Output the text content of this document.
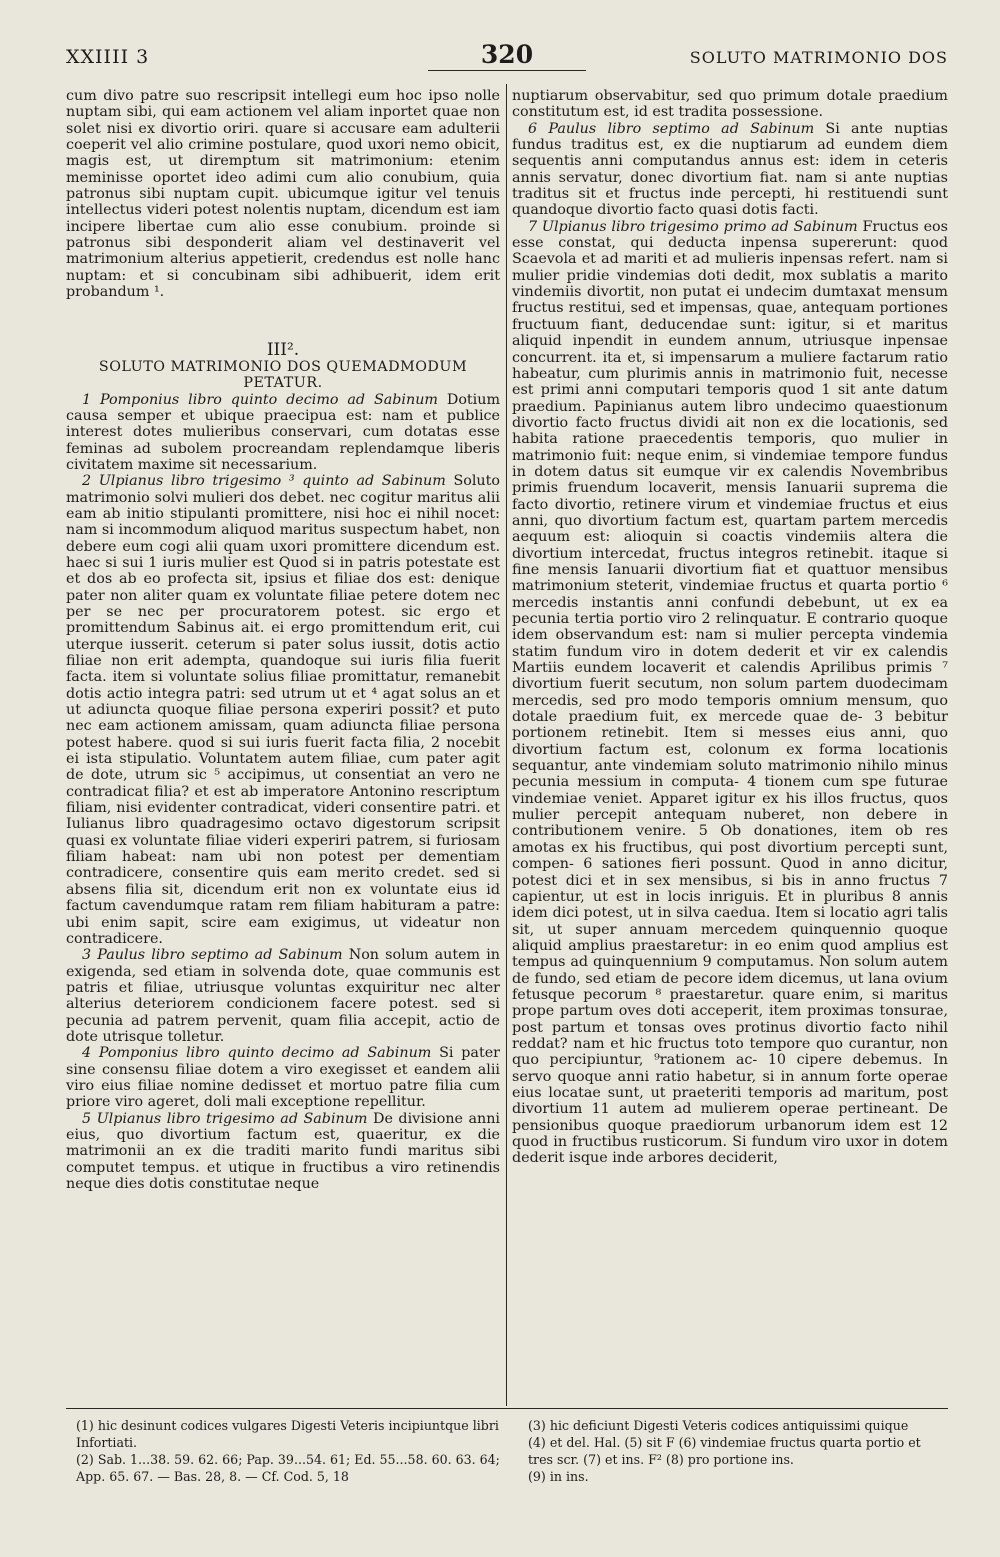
XXIIII 3	320	SOLUTO MATRIMONIO DOS

cum divo patre suo rescripsit intellegi eum hoc ipso nolle nuptam sibi, qui eam actionem vel aliam inportet quae non solet nisi ex divortio oriri. quare si accusare eam adulterii coeperit vel alio crimine postulare, quod uxori nemo obicit, magis est, ut diremptum sit matrimonium: etenim meminisse oportet ideo adimi cum alio conubium, quia patronus sibi nuptam cupit. ubicumque igitur vel tenuis intellectus videri potest nolentis nuptam, dicendum est iam incipere libertae cum alio esse conubium. proinde si patronus sibi desponderit aliam vel destinaverit vel matrimonium alterius appetierit, credendus est nolle hanc nuptam: et si concubinam sibi adhibuerit, idem erit probandum ¹.

III².
SOLUTO MATRIMONIO DOS QUEMADMODUM PETATUR.

1 Pomponius libro quinto decimo ad Sabinum Dotium causa semper et ubique praecipua est: nam et publice interest dotes mulieribus conservari, cum dotatas esse feminas ad subolem procreandam replendamque liberis civitatem maxime sit necessarium.

2 Ulpianus libro trigesimo ³ quinto ad Sabinum Soluto matrimonio solvi mulieri dos debet. nec cogitur maritus alii eam ab initio stipulanti promittere, nisi hoc ei nihil nocet: nam si incommodum aliquod maritus suspectum habet, non debere eum cogi alii quam uxori promittere dicendum est. haec si sui 1 iuris mulier est Quod si in patris potestate est et dos ab eo profecta sit, ipsius et filiae dos est: denique pater non aliter quam ex voluntate filiae petere dotem nec per se nec per procuratorem potest. sic ergo et promittendum Sabinus ait. ei ergo promittendum erit, cui uterque iusserit. ceterum si pater solus iussit, dotis actio filiae non erit adempta, quandoque sui iuris filia fuerit facta. item si voluntate solius filiae promittatur, remanebit dotis actio integra patri: sed utrum ut et ⁴ agat solus an et ut adiuncta quoque filiae persona experiri possit? et puto nec eam actionem amissam, quam adiuncta filiae persona potest habere. quod si sui iuris fuerit facta filia, 2 nocebit ei ista stipulatio. Voluntatem autem filiae, cum pater agit de dote, utrum sic ⁵ accipimus, ut consentiat an vero ne contradicat filia? et est ab imperatore Antonino rescriptum filiam, nisi evidenter contradicat, videri consentire patri. et Iulianus libro quadragesimo octavo digestorum scripsit quasi ex voluntate filiae videri experiri patrem, si furiosam filiam habeat: nam ubi non potest per dementiam contradicere, consentire quis eam merito credet. sed si absens filia sit, dicendum erit non ex voluntate eius id factum cavendumque ratam rem filiam habituram a patre: ubi enim sapit, scire eam exigimus, ut videatur non contradicere.

3 Paulus libro septimo ad Sabinum Non solum autem in exigenda, sed etiam in solvenda dote, quae communis est patris et filiae, utriusque voluntas exquiritur nec alter alterius deteriorem condicionem facere potest. sed si pecunia ad patrem pervenit, quam filia accepit, actio de dote utrisque tolletur.

4 Pomponius libro quinto decimo ad Sabinum Si pater sine consensu filiae dotem a viro exegisset et eandem alii viro eius filiae nomine dedisset et mortuo patre filia cum priore viro ageret, doli mali exceptione repellitur.

5 Ulpianus libro trigesimo ad Sabinum De divisione anni eius, quo divortium factum est, quaeritur, ex die matrimonii an ex die traditi marito fundi maritus sibi computet tempus. et utique in fructibus a viro retinendis neque dies dotis constitutae neque

nuptiarum observabitur, sed quo primum dotale praedium constitutum est, id est tradita possessione.

6 Paulus libro septimo ad Sabinum Si ante nuptias fundus traditus est, ex die nuptiarum ad eundem diem sequentis anni computandus annus est: idem in ceteris annis servatur, donec divortium fiat. nam si ante nuptias traditus sit et fructus inde percepti, hi restituendi sunt quandoque divortio facto quasi dotis facti.

7 Ulpianus libro trigesimo primo ad Sabinum Fructus eos esse constat, qui deducta inpensa supererunt: quod Scaevola et ad mariti et ad mulieris inpensas refert. nam si mulier pridie vindemias doti dedit, mox sublatis a marito vindemiis divortit, non putat ei undecim dumtaxat mensum fructus restitui, sed et impensas, quae, antequam portiones fructuum fiant, deducendae sunt: igitur, si et maritus aliquid inpendit in eundem annum, utriusque inpensae concurrent. ita et, si impensarum a muliere factarum ratio habeatur, cum plurimis annis in matrimonio fuit, necesse est primi anni computari temporis quod 1 sit ante datum praedium. Papinianus autem libro undecimo quaestionum divortio facto fructus dividi ait non ex die locationis, sed habita ratione praecedentis temporis, quo mulier in matrimonio fuit: neque enim, si vindemiae tempore fundus in dotem datus sit eumque vir ex calendis Novembribus primis fruendum locaverit, mensis Ianuarii suprema die facto divortio, retinere virum et vindemiae fructus et eius anni, quo divortium factum est, quartam partem mercedis aequum est: alioquin si coactis vindemiis altera die divortium intercedat, fructus integros retinebit. itaque si fine mensis Ianuarii divortium fiat et quattuor mensibus matrimonium steterit, vindemiae fructus et quarta portio ⁶ mercedis instantis anni confundi debebunt, ut ex ea pecunia tertia portio viro 2 relinquatur. E contrario quoque idem observandum est: nam si mulier percepta vindemia statim fundum viro in dotem dederit et vir ex calendis Martiis eundem locaverit et calendis Aprilibus primis ⁷ divortium fuerit secutum, non solum partem duodecimam mercedis, sed pro modo temporis omnium mensum, quo dotale praedium fuit, ex mercede quae de- 3 bebitur portionem retinebit. Item si messes eius anni, quo divortium factum est, colonum ex forma locationis sequantur, ante vindemiam soluto matrimonio nihilo minus pecunia messium in computa- 4 tionem cum spe futurae vindemiae veniet. Apparet igitur ex his illos fructus, quos mulier percepit antequam nuberet, non debere in contributionem venire. 5 Ob donationes, item ob res amotas ex his fructibus, qui post divortium percepti sunt, compen- 6 sationes fieri possunt. Quod in anno dicitur, potest dici et in sex mensibus, si bis in anno fructus 7 capientur, ut est in locis inriguis. Et in pluribus 8 annis idem dici potest, ut in silva caedua. Item si locatio agri talis sit, ut super annuam mercedem quinquennio quoque aliquid amplius praestaretur: in eo enim quod amplius est tempus ad quinquennium 9 computamus. Non solum autem de fundo, sed etiam de pecore idem dicemus, ut lana ovium fetusque pecorum ⁸ praestaretur. quare enim, si maritus prope partum oves doti acceperit, item proximas tonsurae, post partum et tonsas oves protinus divortio facto nihil reddat? nam et hic fructus toto tempore quo curantur, non quo percipiuntur, ⁹rationem ac- 10 cipere debemus. In servo quoque anni ratio habetur, si in annum forte operae eius locatae sunt, ut praeteriti temporis ad maritum, post divortium 11 autem ad mulierem operae pertineant. De pensionibus quoque praediorum urbanorum idem est 12 quod in fructibus rusticorum. Si fundum viro uxor in dotem dederit isque inde arbores deciderit,

(1) hic desinunt codices vulgares Digesti Veteris incipiuntque libri Infortiati.

(2) Sab. 1...38. 59. 62. 66; Pap. 39...54. 61; Ed. 55...58. 60. 63. 64; App. 65. 67. — Bas. 28, 8. — Cf. Cod. 5, 18

(3) hic deficiunt Digesti Veteris codices antiquissimi quique

(4) et del. Hal. (5) sit F (6) vindemiae fructus quarta portio et tres scr. (7) et ins. F² (8) pro portione ins.

(9) in ins.
